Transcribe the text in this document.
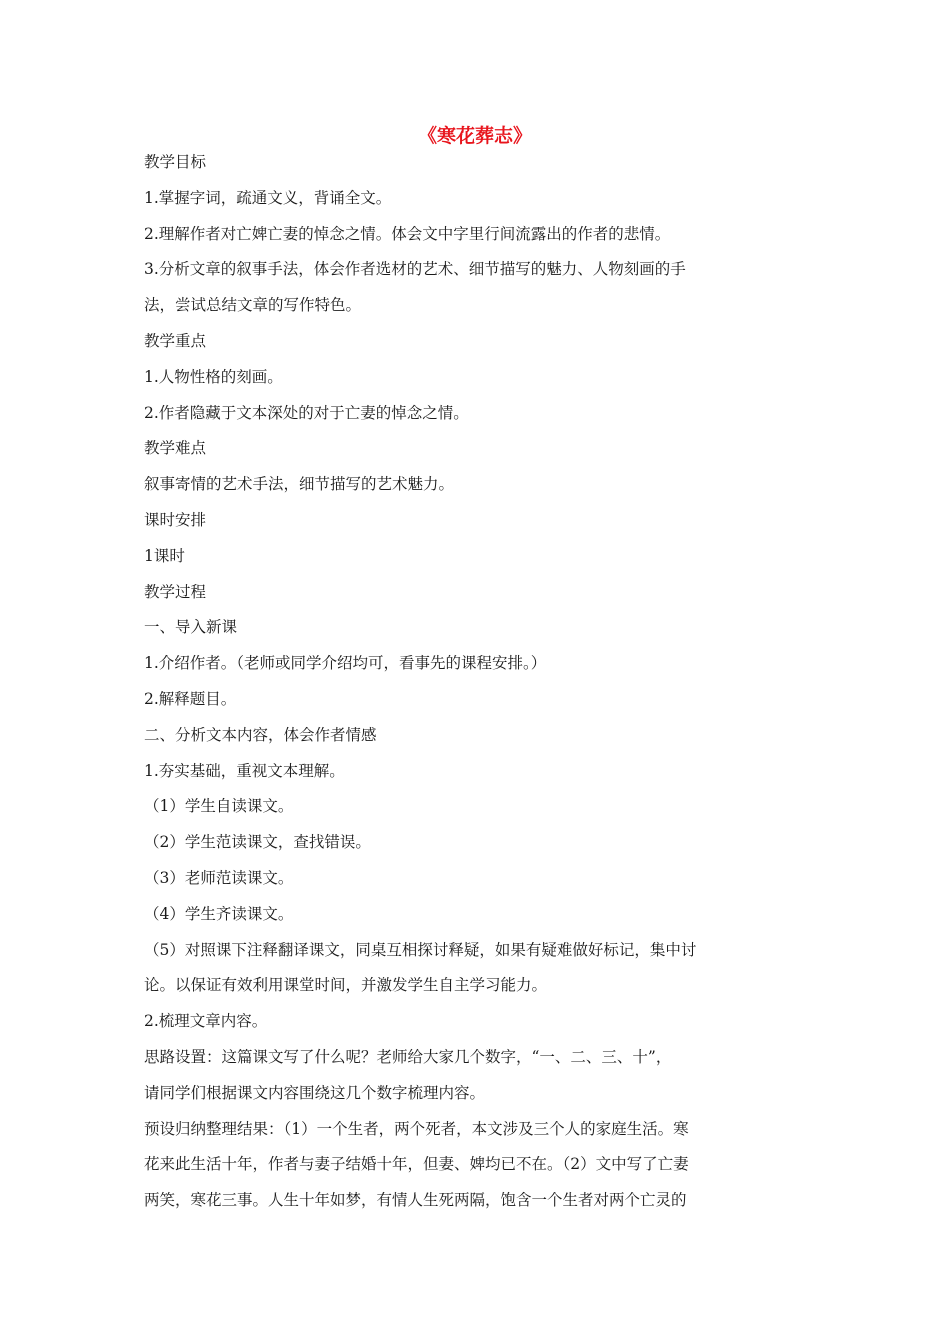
《寒花葬志》

教学目标

1.掌握字词，疏通文义，背诵全文。

2.理解作者对亡婢亡妻的悼念之情。体会文中字里行间流露出的作者的悲情。

3.分析文章的叙事手法，体会作者选材的艺术、细节描写的魅力、人物刻画的手

法，尝试总结文章的写作特色。

教学重点

1.人物性格的刻画。

2.作者隐藏于文本深处的对于亡妻的悼念之情。

教学难点

叙事寄情的艺术手法，细节描写的艺术魅力。

课时安排

1课时

教学过程

一、导入新课

1.介绍作者。（老师或同学介绍均可，看事先的课程安排。）

2.解释题目。

二、分析文本内容，体会作者情感

1.夯实基础，重视文本理解。

（1）学生自读课文。

（2）学生范读课文，查找错误。

（3）老师范读课文。

（4）学生齐读课文。

（5）对照课下注释翻译课文，同桌互相探讨释疑，如果有疑难做好标记，集中讨

论。以保证有效利用课堂时间，并激发学生自主学习能力。

2.梳理文章内容。

思路设置：这篇课文写了什么呢？老师给大家几个数字，“一、二、三、十”，

请同学们根据课文内容围绕这几个数字梳理内容。

预设归纳整理结果：（1）一个生者，两个死者，本文涉及三个人的家庭生活。寒

花来此生活十年，作者与妻子结婚十年，但妻、婢均已不在。（2）文中写了亡妻

两笑，寒花三事。人生十年如梦，有情人生死两隔，饱含一个生者对两个亡灵的
